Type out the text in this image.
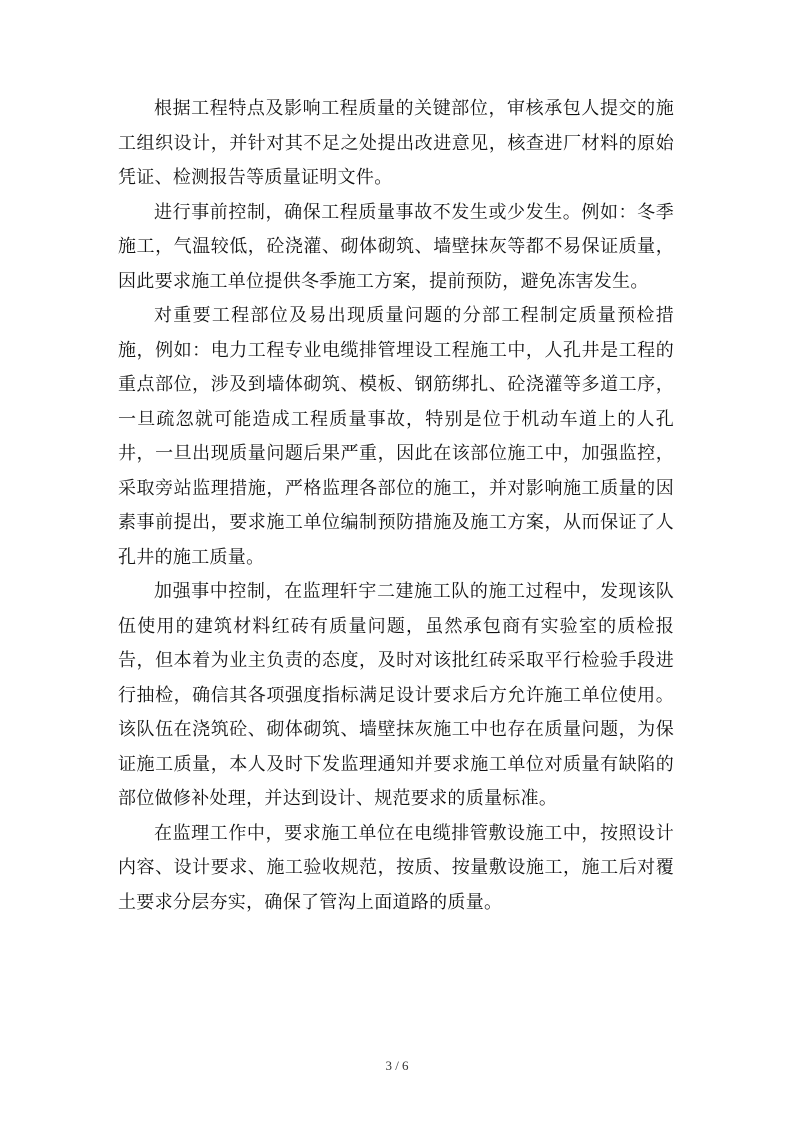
根据工程特点及影响工程质量的关键部位，审核承包人提交的施工组织设计，并针对其不足之处提出改进意见，核查进厂材料的原始凭证、检测报告等质量证明文件。

进行事前控制，确保工程质量事故不发生或少发生。例如：冬季施工，气温较低，砼浇灌、砌体砌筑、墙壁抹灰等都不易保证质量，因此要求施工单位提供冬季施工方案，提前预防，避免冻害发生。

对重要工程部位及易出现质量问题的分部工程制定质量预检措施，例如：电力工程专业电缆排管埋设工程施工中，人孔井是工程的重点部位，涉及到墙体砌筑、模板、钢筋绑扎、砼浇灌等多道工序，一旦疏忽就可能造成工程质量事故，特别是位于机动车道上的人孔井，一旦出现质量问题后果严重，因此在该部位施工中，加强监控，采取旁站监理措施，严格监理各部位的施工，并对影响施工质量的因素事前提出，要求施工单位编制预防措施及施工方案，从而保证了人孔井的施工质量。

加强事中控制，在监理轩宇二建施工队的施工过程中，发现该队伍使用的建筑材料红砖有质量问题，虽然承包商有实验室的质检报告，但本着为业主负责的态度，及时对该批红砖采取平行检验手段进行抽检，确信其各项强度指标满足设计要求后方允许施工单位使用。该队伍在浇筑砼、砌体砌筑、墙壁抹灰施工中也存在质量问题，为保证施工质量，本人及时下发监理通知并要求施工单位对质量有缺陷的部位做修补处理，并达到设计、规范要求的质量标准。

在监理工作中，要求施工单位在电缆排管敷设施工中，按照设计内容、设计要求、施工验收规范，按质、按量敷设施工，施工后对覆土要求分层夯实，确保了管沟上面道路的质量。

3 / 6
